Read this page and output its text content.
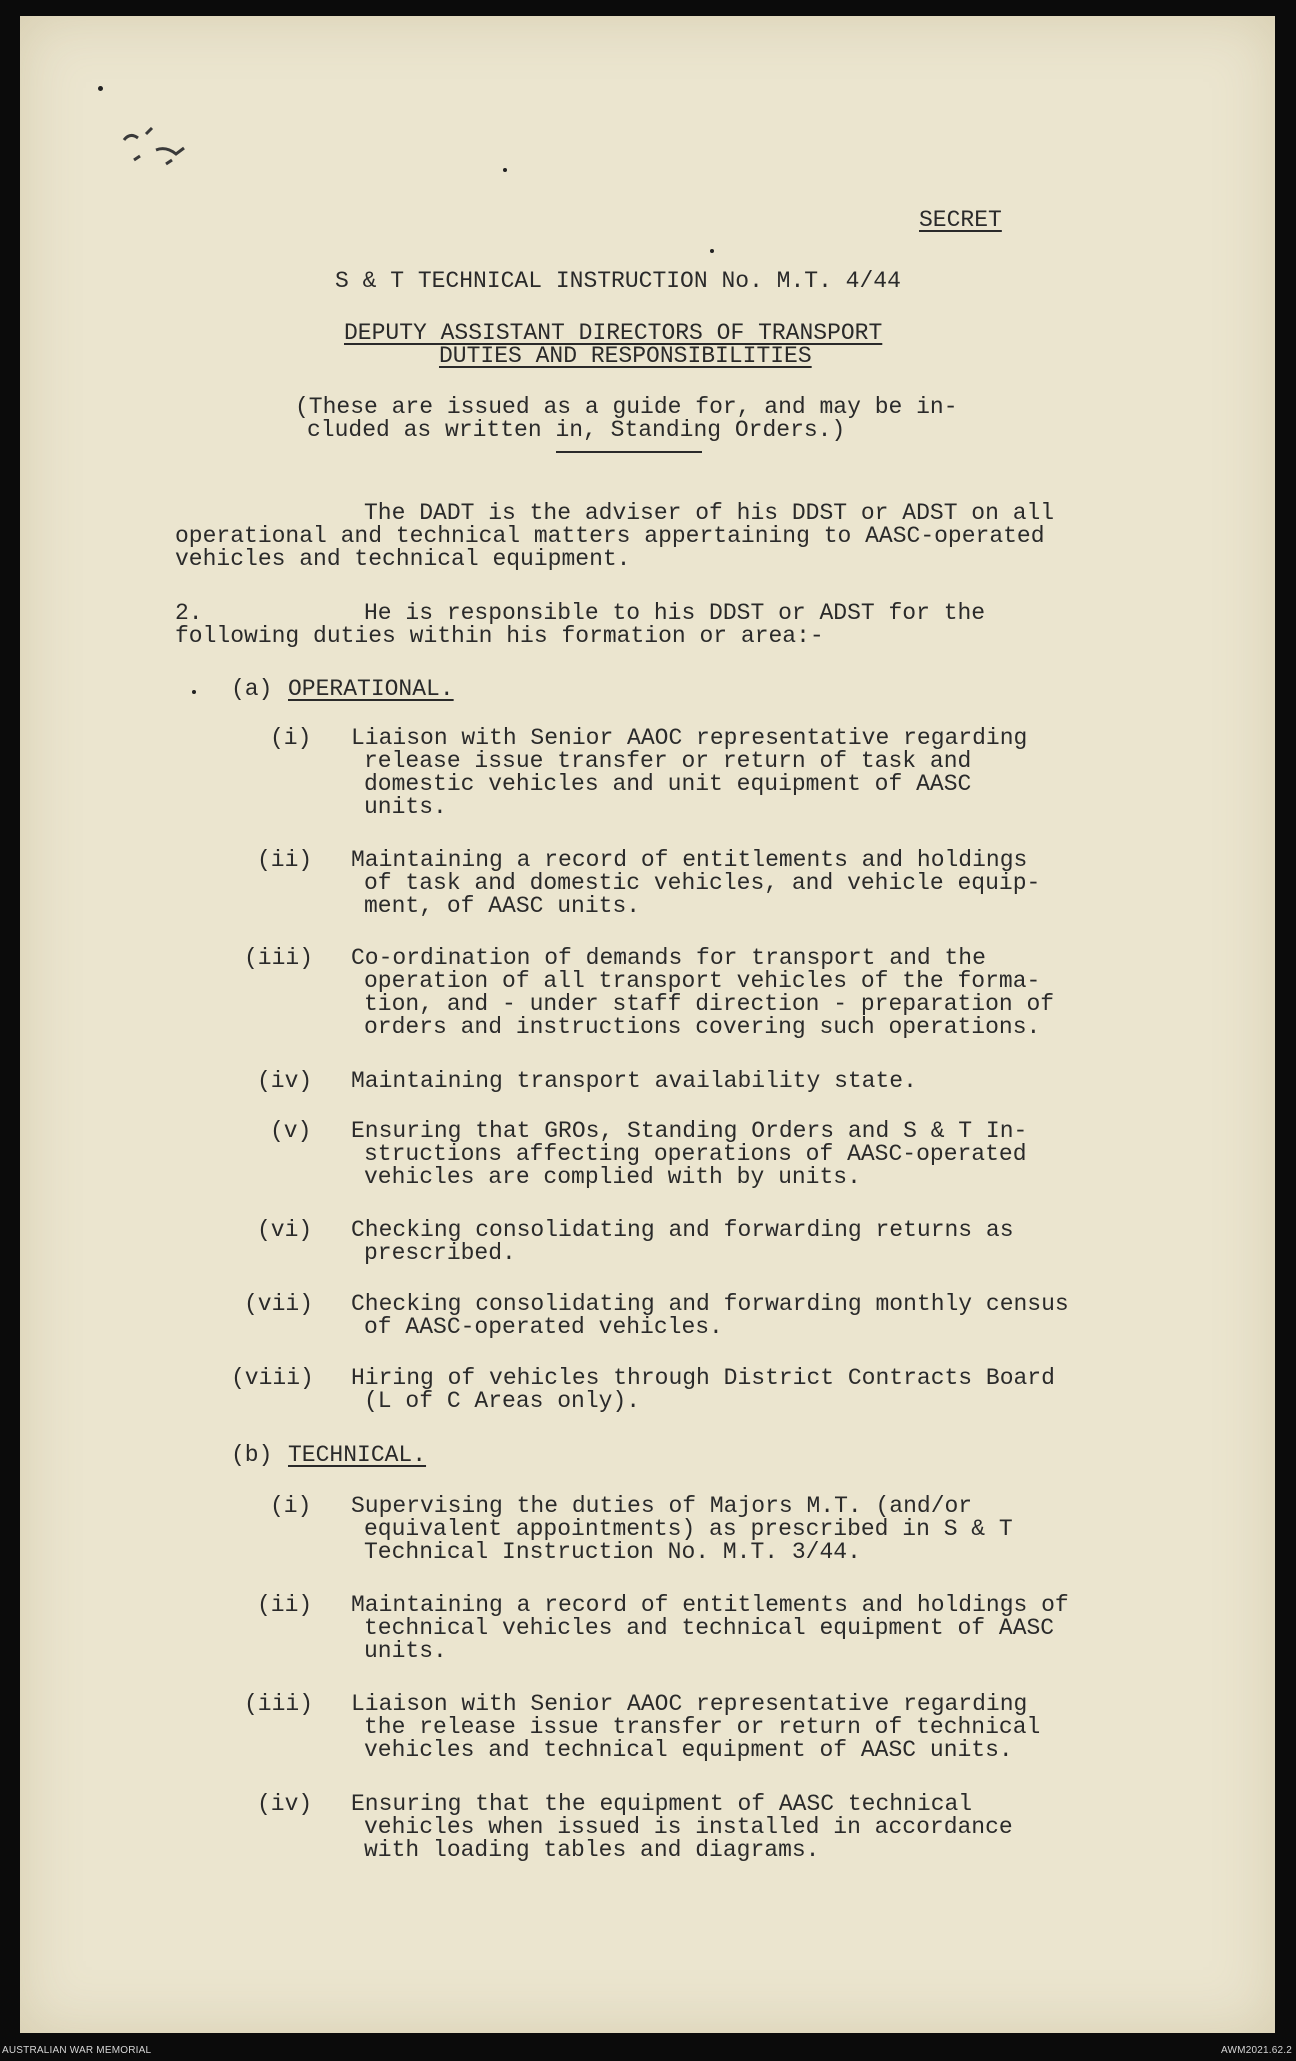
SECRET
S & T TECHNICAL INSTRUCTION No. M.T. 4/44
DEPUTY ASSISTANT DIRECTORS OF TRANSPORT
DUTIES AND RESPONSIBILITIES
(These are issued as a guide for, and may be in-
cluded as written in, Standing Orders.)
The DADT is the adviser of his DDST or ADST on all
operational and technical matters appertaining to AASC-operated
vehicles and technical equipment.
2.	He is responsible to his DDST or ADST for the
following duties within his formation or area:-
(a) OPERATIONAL.
(i) Liaison with Senior AAOC representative regarding
release issue transfer or return of task and
domestic vehicles and unit equipment of AASC
units.
(ii) Maintaining a record of entitlements and holdings
of task and domestic vehicles, and vehicle equip-
ment, of AASC units.
(iii) Co-ordination of demands for transport and the
operation of all transport vehicles of the forma-
tion, and - under staff direction - preparation of
orders and instructions covering such operations.
(iv) Maintaining transport availability state.
(v) Ensuring that GROs, Standing Orders and S & T In-
structions affecting operations of AASC-operated
vehicles are complied with by units.
(vi) Checking consolidating and forwarding returns as
prescribed.
(vii) Checking consolidating and forwarding monthly census
of AASC-operated vehicles.
(viii) Hiring of vehicles through District Contracts Board
(L of C Areas only).
(b) TECHNICAL.
(i) Supervising the duties of Majors M.T. (and/or
equivalent appointments) as prescribed in S & T
Technical Instruction No. M.T. 3/44.
(ii) Maintaining a record of entitlements and holdings of
technical vehicles and technical equipment of AASC
units.
(iii) Liaison with Senior AAOC representative regarding
the release issue transfer or return of technical
vehicles and technical equipment of AASC units.
(iv) Ensuring that the equipment of AASC technical
vehicles when issued is installed in accordance
with loading tables and diagrams.
AUSTRALIAN WAR MEMORIAL	AWM2021.62.2
